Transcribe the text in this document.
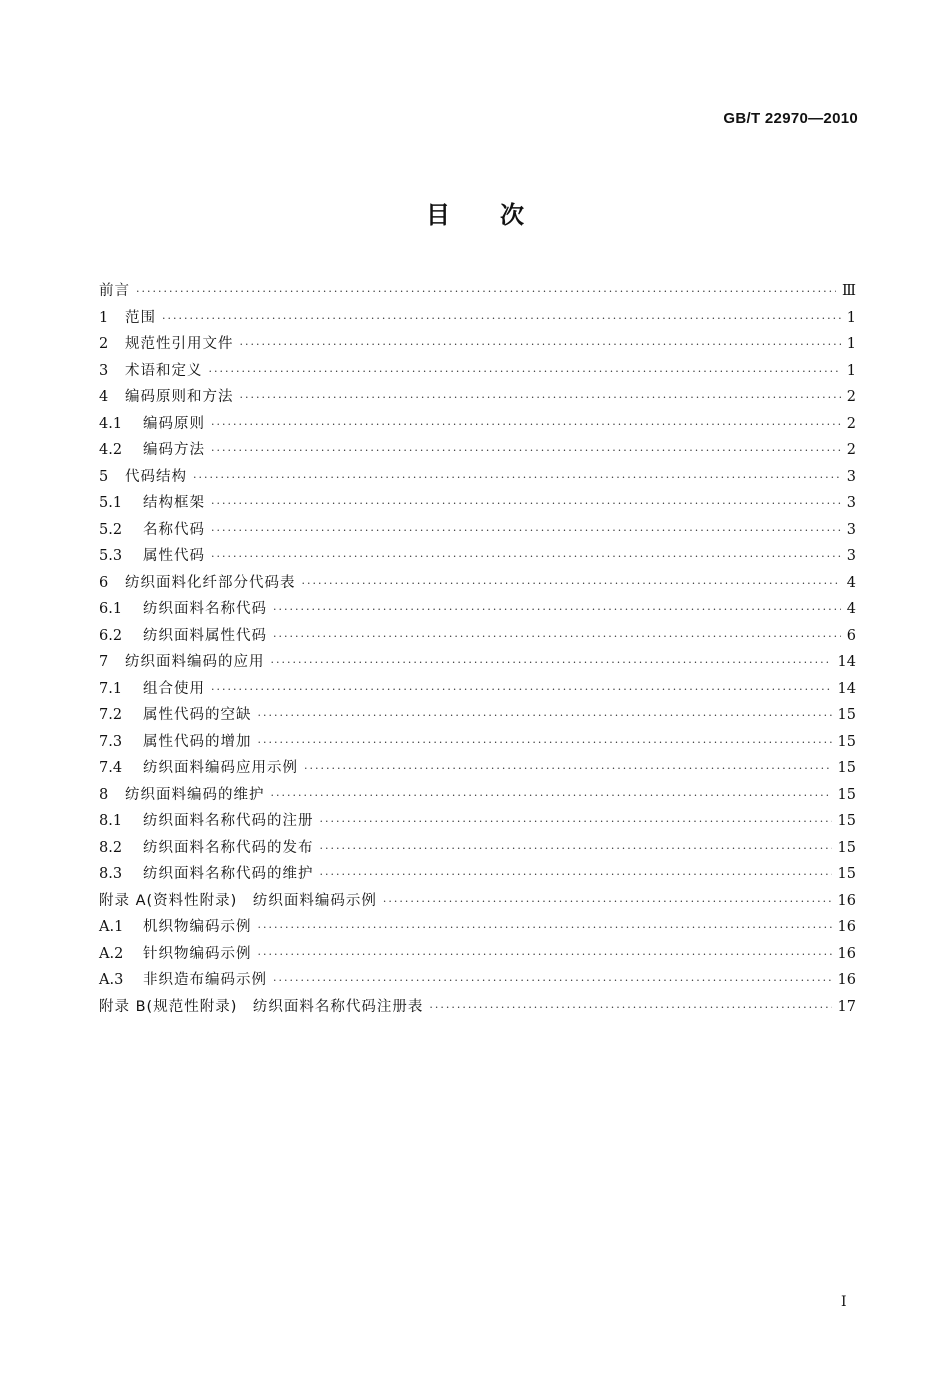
GB/T 22970—2010
目次
前言 ·····	Ⅲ
1	范围 ·····	1
2	规范性引用文件 ·····	1
3	术语和定义 ·····	1
4	编码原则和方法 ·····	2
4.1	编码原则 ·····	2
4.2	编码方法 ·····	2
5	代码结构 ·····	3
5.1	结构框架 ·····	3
5.2	名称代码 ·····	3
5.3	属性代码 ·····	3
6	纺织面料化纤部分代码表 ·····	4
6.1	纺织面料名称代码 ·····	4
6.2	纺织面料属性代码 ·····	6
7	纺织面料编码的应用 ·····	14
7.1	组合使用 ·····	14
7.2	属性代码的空缺 ·····	15
7.3	属性代码的增加 ·····	15
7.4	纺织面料编码应用示例 ·····	15
8	纺织面料编码的维护 ·····	15
8.1	纺织面料名称代码的注册 ·····	15
8.2	纺织面料名称代码的发布 ·····	15
8.3	纺织面料名称代码的维护 ·····	15
附录 A(资料性附录)　纺织面料编码示例 ·····	16
A.1	机织物编码示例 ·····	16
A.2	针织物编码示例 ·····	16
A.3	非织造布编码示例 ·····	16
附录 B(规范性附录)　纺织面料名称代码注册表 ·····	17
I
